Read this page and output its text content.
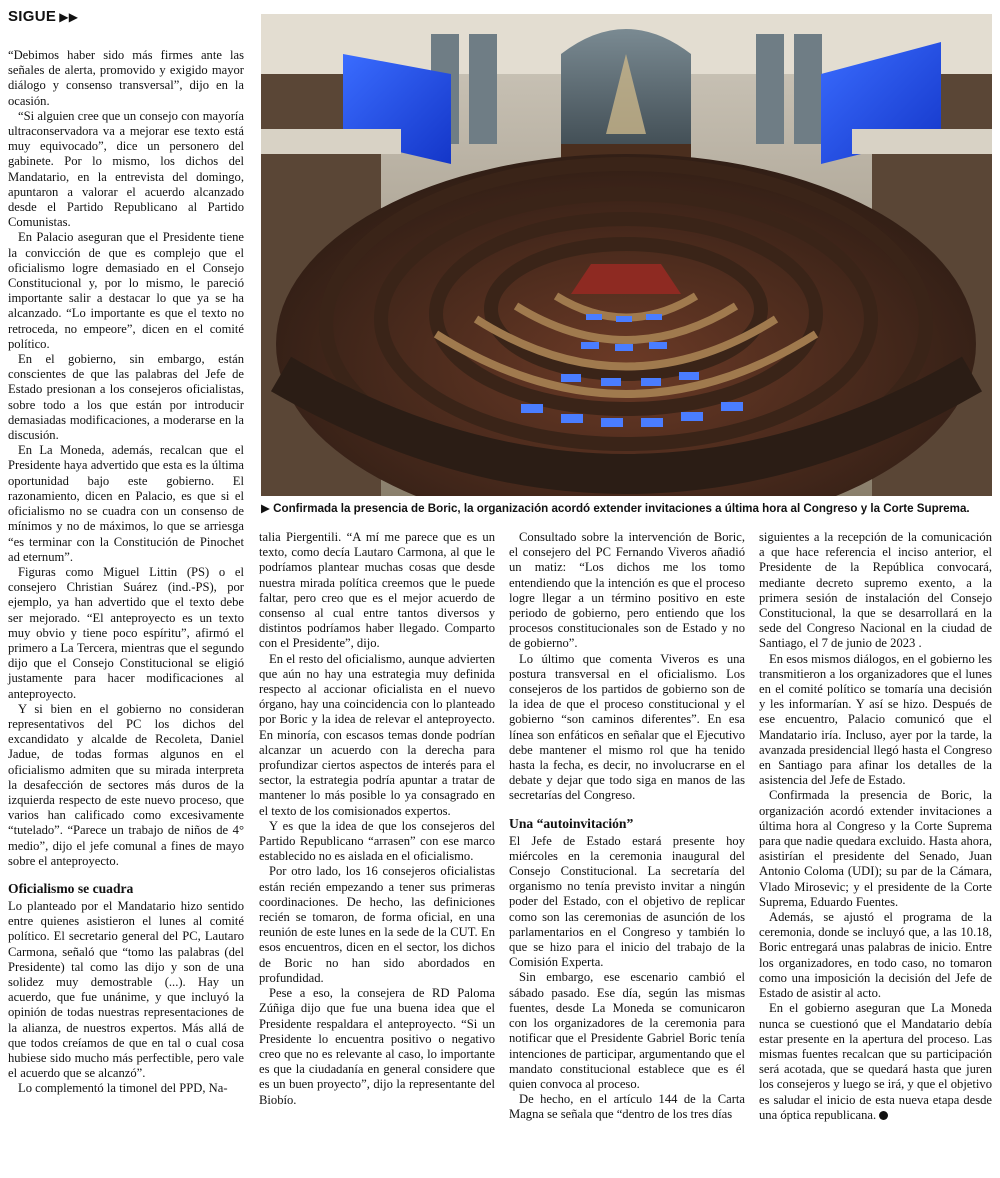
SIGUE ▶▶

“Debimos haber sido más firmes ante las señales de alerta, promovido y exigido mayor diálogo y consenso transversal”, dijo en la ocasión.

“Si alguien cree que un consejo con mayoría ultraconservadora va a mejorar ese texto está muy equivocado”, dice un personero del gabinete. Por lo mismo, los dichos del Mandatario, en la entrevista del domingo, apuntaron a valorar el acuerdo alcanzado desde el Partido Republicano al Partido Comunistas.

En Palacio aseguran que el Presidente tiene la convicción de que es complejo que el oficialismo logre demasiado en el Consejo Constitucional y, por lo mismo, le pareció importante salir a destacar lo que ya se ha alcanzado. “Lo importante es que el texto no retroceda, no empeore”, dicen en el comité político.

En el gobierno, sin embargo, están conscientes de que las palabras del Jefe de Estado presionan a los consejeros oficialistas, sobre todo a los que están por introducir demasiadas modificaciones, a moderarse en la discusión.

En La Moneda, además, recalcan que el Presidente haya advertido que esta es la última oportunidad bajo este gobierno. El razonamiento, dicen en Palacio, es que si el oficialismo no se cuadra con un consenso de mínimos y no de máximos, lo que se arriesga “es terminar con la Constitución de Pinochet ad eternum”.

Figuras como Miguel Littin (PS) o el consejero Christian Suárez (ind.-PS), por ejemplo, ya han advertido que el texto debe ser mejorado. “El anteproyecto es un texto muy obvio y tiene poco espíritu”, afirmó el primero a La Tercera, mientras que el segundo dijo que el Consejo Constitucional se eligió justamente para hacer modificaciones al anteproyecto.

Y si bien en el gobierno no consideran representativos del PC los dichos del excandidato y alcalde de Recoleta, Daniel Jadue, de todas formas algunos en el oficialismo admiten que su mirada interpreta la desafección de sectores más duros de la izquierda respecto de este nuevo proceso, que varios han calificado como excesivamente “tutelado”. “Parece un trabajo de niños de 4° medio”, dijo el jefe comunal a fines de mayo sobre el anteproyecto.

Oficialismo se cuadra

Lo planteado por el Mandatario hizo sentido entre quienes asistieron el lunes al comité político. El secretario general del PC, Lautaro Carmona, señaló que “tomo las palabras (del Presidente) tal como las dijo y son de una solidez muy demostrable (...). Hay un acuerdo, que fue unánime, y que incluyó la opinión de todas nuestras representaciones de la alianza, de nuestros expertos. Más allá de que todos creíamos de que en tal o cual cosa hubiese sido mucho más perfectible, pero vale el acuerdo que se alcanzó”.

Lo complementó la timonel del PPD, Na-

▶ Confirmada la presencia de Boric, la organización acordó extender invitaciones a última hora al Congreso y la Corte Suprema.

talia Piergentili. “A mí me parece que es un texto, como decía Lautaro Carmona, al que le podríamos plantear muchas cosas que desde nuestra mirada política creemos que le puede faltar, pero creo que es el mejor acuerdo de consenso al cual entre tantos diversos y distintos podríamos haber llegado. Comparto con el Presidente”, dijo.

En el resto del oficialismo, aunque advierten que aún no hay una estrategia muy definida respecto al accionar oficialista en el nuevo órgano, hay una coincidencia con lo planteado por Boric y la idea de relevar el anteproyecto. En minoría, con escasos temas donde podrían alcanzar un acuerdo con la derecha para profundizar ciertos aspectos de interés para el sector, la estrategia podría apuntar a tratar de mantener lo más posible lo ya consagrado en el texto de los comisionados expertos.

Y es que la idea de que los consejeros del Partido Republicano “arrasen” con ese marco establecido no es aislada en el oficialismo.

Por otro lado, los 16 consejeros oficialistas están recién empezando a tener sus primeras coordinaciones. De hecho, las definiciones recién se tomaron, de forma oficial, en una reunión de este lunes en la sede de la CUT. En esos encuentros, dicen en el sector, los dichos de Boric no han sido abordados en profundidad.

Pese a eso, la consejera de RD Paloma Zúñiga dijo que fue una buena idea que el Presidente respaldara el anteproyecto. “Si un Presidente lo encuentra positivo o negativo creo que no es relevante al caso, lo importante es que la ciudadanía en general considere que es un buen proyecto”, dijo la representante del Biobío.

Consultado sobre la intervención de Boric, el consejero del PC Fernando Viveros añadió un matiz: “Los dichos me los tomo entendiendo que la intención es que el proceso logre llegar a un término positivo en este periodo de gobierno, pero entiendo que los procesos constitucionales son de Estado y no de gobierno”.

Lo último que comenta Viveros es una postura transversal en el oficialismo. Los consejeros de los partidos de gobierno son de la idea de que el proceso constitucional y el gobierno “son caminos diferentes”. En esa línea son enfáticos en señalar que el Ejecutivo debe mantener el mismo rol que ha tenido hasta la fecha, es decir, no involucrarse en el debate y dejar que todo siga en manos de las secretarías del Congreso.

Una “autoinvitación”

El Jefe de Estado estará presente hoy miércoles en la ceremonia inaugural del Consejo Constitucional. La secretaría del organismo no tenía previsto invitar a ningún poder del Estado, con el objetivo de replicar como son las ceremonias de asunción de los parlamentarios en el Congreso y también lo que se hizo para el inicio del trabajo de la Comisión Experta.

Sin embargo, ese escenario cambió el sábado pasado. Ese día, según las mismas fuentes, desde La Moneda se comunicaron con los organizadores de la ceremonia para notificar que el Presidente Gabriel Boric tenía intenciones de participar, argumentando que el mandato constitucional establece que es él quien convoca al proceso.

De hecho, en el artículo 144 de la Carta Magna se señala que “dentro de los tres días

siguientes a la recepción de la comunicación a que hace referencia el inciso anterior, el Presidente de la República convocará, mediante decreto supremo exento, a la primera sesión de instalación del Consejo Constitucional, la que se desarrollará en la sede del Congreso Nacional en la ciudad de Santiago, el 7 de junio de 2023 .

En esos mismos diálogos, en el gobierno les transmitieron a los organizadores que el lunes en el comité político se tomaría una decisión y les informarían. Y así se hizo. Después de ese encuentro, Palacio comunicó que el Mandatario iría. Incluso, ayer por la tarde, la avanzada presidencial llegó hasta el Congreso en Santiago para afinar los detalles de la asistencia del Jefe de Estado.

Confirmada la presencia de Boric, la organización acordó extender invitaciones a última hora al Congreso y la Corte Suprema para que nadie quedara excluido. Hasta ahora, asistirían el presidente del Senado, Juan Antonio Coloma (UDI); su par de la Cámara, Vlado Mirosevic; y el presidente de la Corte Suprema, Eduardo Fuentes.

Además, se ajustó el programa de la ceremonia, donde se incluyó que, a las 10.18, Boric entregará unas palabras de inicio. Entre los organizadores, en todo caso, no tomaron como una imposición la decisión del Jefe de Estado de asistir al acto.

En el gobierno aseguran que La Moneda nunca se cuestionó que el Mandatario debía estar presente en la apertura del proceso. Las mismas fuentes recalcan que su participación será acotada, que se quedará hasta que juren los consejeros y luego se irá, y que el objetivo es saludar el inicio de esta nueva etapa desde una óptica republicana.
